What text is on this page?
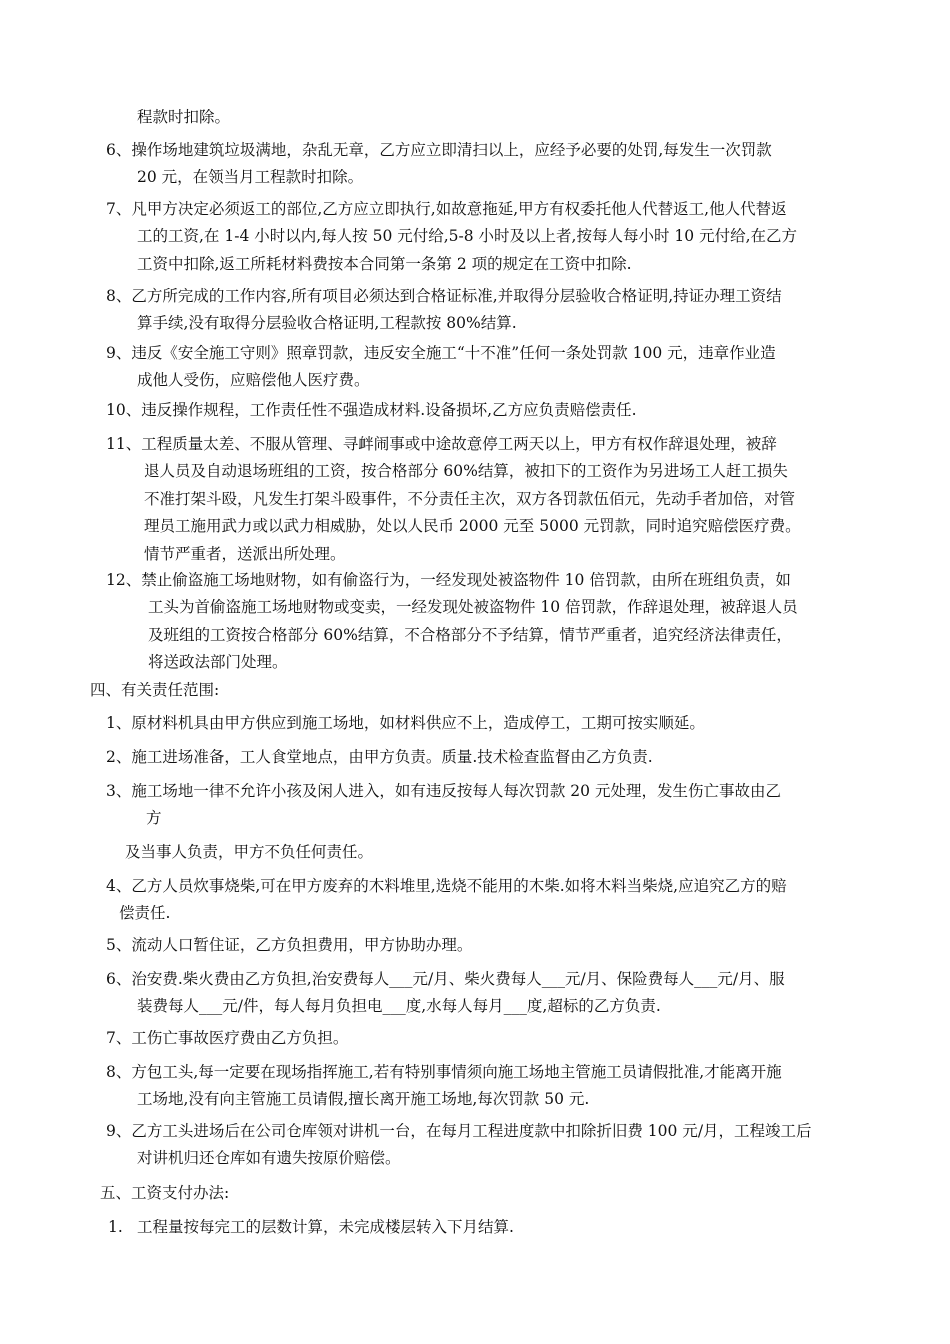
程款时扣除。

6、操作场地建筑垃圾满地，杂乱无章，乙方应立即清扫以上，应经予必要的处罚,每发生一次罚款
20 元，在领当月工程款时扣除。

7、凡甲方决定必须返工的部位,乙方应立即执行,如故意拖延,甲方有权委托他人代替返工,他人代替返
工的工资,在 1-4 小时以内,每人按 50 元付给,5-8 小时及以上者,按每人每小时 10 元付给,在乙方
工资中扣除,返工所耗材料费按本合同第一条第 2 项的规定在工资中扣除.

8、乙方所完成的工作内容,所有项目必须达到合格证标准,并取得分层验收合格证明,持证办理工资结
算手续,没有取得分层验收合格证明,工程款按 80%结算.

9、违反《安全施工守则》照章罚款，违反安全施工“十不准”任何一条处罚款 100 元，违章作业造
成他人受伤，应赔偿他人医疗费。

10、违反操作规程，工作责任性不强造成材料.设备损坏,乙方应负责赔偿责任.

11、工程质量太差、不服从管理、寻衅闹事或中途故意停工两天以上，甲方有权作辞退处理，被辞
退人员及自动退场班组的工资，按合格部分 60%结算，被扣下的工资作为另进场工人赶工损失
不准打架斗殴，凡发生打架斗殴事件，不分责任主次，双方各罚款伍佰元，先动手者加倍，对管
理员工施用武力或以武力相威胁，处以人民币 2000 元至 5000 元罚款，同时追究赔偿医疗费。
情节严重者，送派出所处理。

12、禁止偷盗施工场地财物，如有偷盗行为，一经发现处被盗物件 10 倍罚款，由所在班组负责，如
工头为首偷盗施工场地财物或变卖，一经发现处被盗物件 10 倍罚款，作辞退处理，被辞退人员
及班组的工资按合格部分 60%结算，不合格部分不予结算，情节严重者，追究经济法律责任，
将送政法部门处理。

四、有关责任范围:

1、原材料机具由甲方供应到施工场地，如材料供应不上，造成停工，工期可按实顺延。

2、施工进场准备，工人食堂地点，由甲方负责。质量.技术检查监督由乙方负责.

3、施工场地一律不允许小孩及闲人进入，如有违反按每人每次罚款 20 元处理，发生伤亡事故由乙
方

及当事人负责，甲方不负任何责任。

4、乙方人员炊事烧柴,可在甲方废弃的木料堆里,选烧不能用的木柴.如将木料当柴烧,应追究乙方的赔
偿责任.

5、流动人口暂住证，乙方负担费用，甲方协助办理。

6、治安费.柴火费由乙方负担,治安费每人___元/月、柴火费每人___元/月、保险费每人___元/月、服
装费每人___元/件，每人每月负担电___度,水每人每月___度,超标的乙方负责.

7、工伤亡事故医疗费由乙方负担。

8、方包工头,每一定要在现场指挥施工,若有特别事情须向施工场地主管施工员请假批准,才能离开施
工场地,没有向主管施工员请假,擅长离开施工场地,每次罚款 50 元.

9、乙方工头进场后在公司仓库领对讲机一台，在每月工程进度款中扣除折旧费 100 元/月，工程竣工后
对讲机归还仓库如有遗失按原价赔偿。

五、工资支付办法:

1. 工程量按每完工的层数计算，未完成楼层转入下月结算.
